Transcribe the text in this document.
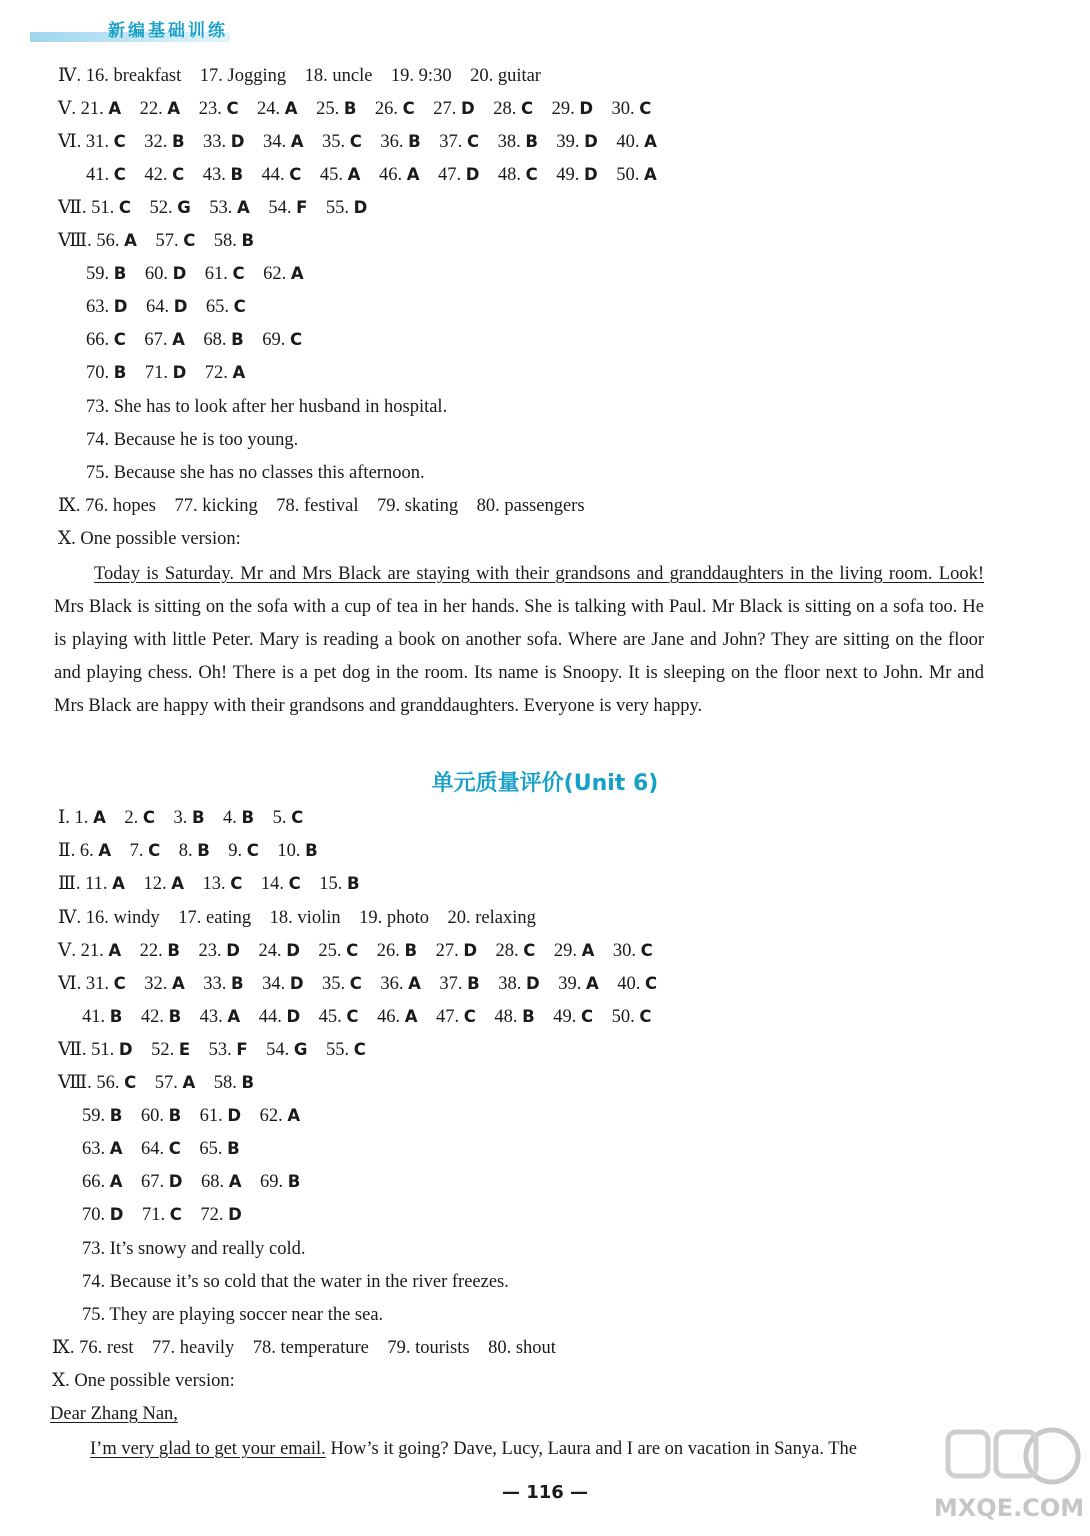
新编基础训练
Ⅳ. 16. breakfast    17. Jogging    18. uncle    19. 9:30    20. guitar
Ⅴ. 21. A    22. A    23. C    24. A    25. B    26. C    27. D    28. C    29. D    30. C
Ⅵ. 31. C    32. B    33. D    34. A    35. C    36. B    37. C    38. B    39. D    40. A
41. C    42. C    43. B    44. C    45. A    46. A    47. D    48. C    49. D    50. A
Ⅶ. 51. C    52. G    53. A    54. F    55. D
Ⅷ. 56. A    57. C    58. B
59. B    60. D    61. C    62. A
63. D    64. D    65. C
66. C    67. A    68. B    69. C
70. B    71. D    72. A
73. She has to look after her husband in hospital.
74. Because he is too young.
75. Because she has no classes this afternoon.
Ⅸ. 76. hopes    77. kicking    78. festival    79. skating    80. passengers
Ⅹ. One possible version:
Today is Saturday. Mr and Mrs Black are staying with their grandsons and granddaughters in the living room. Look! Mrs Black is sitting on the sofa with a cup of tea in her hands. She is talking with Paul. Mr Black is sitting on a sofa too. He is playing with little Peter. Mary is reading a book on another sofa. Where are Jane and John? They are sitting on the floor and playing chess. Oh! There is a pet dog in the room. Its name is Snoopy. It is sleeping on the floor next to John. Mr and Mrs Black are happy with their grandsons and granddaughters. Everyone is very happy.
单元质量评价(Unit 6)
Ⅰ. 1. A    2. C    3. B    4. B    5. C
Ⅱ. 6. A    7. C    8. B    9. C    10. B
Ⅲ. 11. A    12. A    13. C    14. C    15. B
Ⅳ. 16. windy    17. eating    18. violin    19. photo    20. relaxing
Ⅴ. 21. A    22. B    23. D    24. D    25. C    26. B    27. D    28. C    29. A    30. C
Ⅵ. 31. C    32. A    33. B    34. D    35. C    36. A    37. B    38. D    39. A    40. C
41. B    42. B    43. A    44. D    45. C    46. A    47. C    48. B    49. C    50. C
Ⅶ. 51. D    52. E    53. F    54. G    55. C
Ⅷ. 56. C    57. A    58. B
59. B    60. B    61. D    62. A
63. A    64. C    65. B
66. A    67. D    68. A    69. B
70. D    71. C    72. D
73. It’s snowy and really cold.
74. Because it’s so cold that the water in the river freezes.
75. They are playing soccer near the sea.
Ⅸ. 76. rest    77. heavily    78. temperature    79. tourists    80. shout
Ⅹ. One possible version:
Dear Zhang Nan,
I’m very glad to get your email. How’s it going? Dave, Lucy, Laura and I are on vacation in Sanya. The
— 116 —
MXQE.COM
